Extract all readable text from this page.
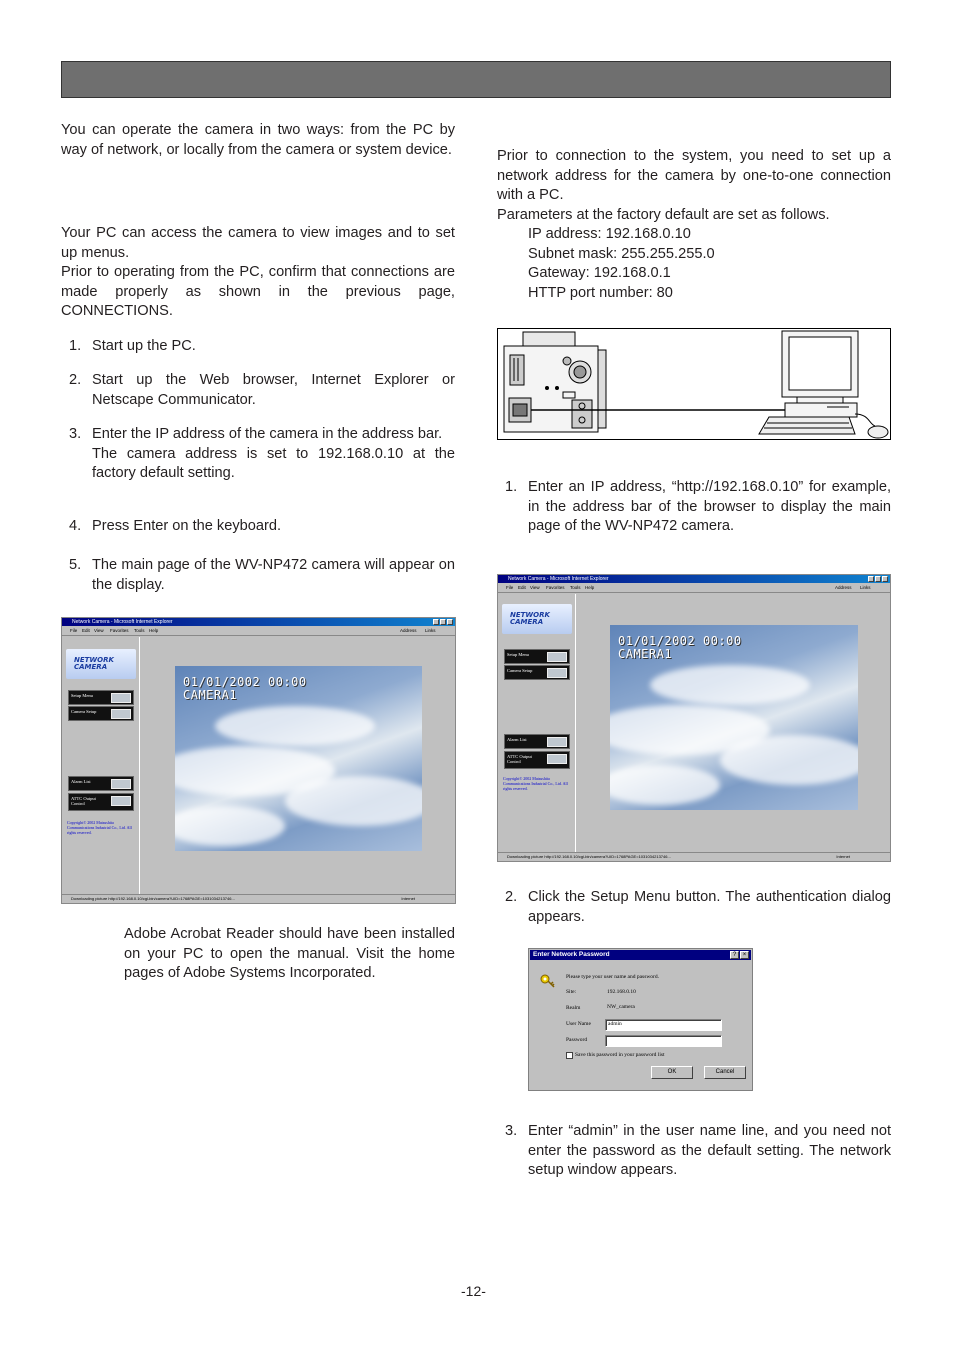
You can operate the camera in two ways: from the PC by way of network, or locally from the camera or system device.
Your PC can access the camera to view images and to set up menus.
Prior to operating from the PC, confirm that connections are made properly as shown in the previous page, CONNECTIONS.
1. Start up the PC.
2. Start up the Web browser, Internet Explorer or Netscape Communicator.
3. Enter the IP address of the camera in the address bar.
The camera address is set to 192.168.0.10 at the factory default setting.
4. Press Enter on the keyboard.
5. The main page of the WV-NP472 camera will appear on the display.
Network Camera - Microsoft Internet Explorer
File Edit View Favorites Tools Help	Address Links
NETWORK
CAMERA
Setup Menu
Camera Setup
Alarm List
ATTC Output Control
Copyright© 2002 Matsushita Communications Industrial Co., Ltd. All rights reserved.
01/01/2002 00:00
CAMERA1
Downloading picture http://192.168.0.10/cgi-bin/camera?UID=1768PAGE=1031034213746...	Internet
Adobe Acrobat Reader should have been installed on your PC to open the manual. Visit the home pages of Adobe Systems Incorporated.
Prior to connection to the system, you need to set up a network address for the camera by one-to-one connection with a PC.
Parameters at the factory default are set as follows.
IP address: 192.168.0.10
Subnet mask: 255.255.255.0
Gateway: 192.168.0.1
HTTP port number: 80
1. Enter an IP address, “http://192.168.0.10” for example, in the address bar of the browser to display the main page of the WV-NP472 camera.
Network Camera - Microsoft Internet Explorer
File Edit View Favorites Tools Help	Address Links
NETWORK
CAMERA
Setup Menu
Camera Setup
Alarm List
ATTC Output Control
Copyright© 2002 Matsushita Communications Industrial Co., Ltd. All rights reserved.
01/01/2002 00:00
CAMERA1
Downloading picture http://192.168.0.10/cgi-bin/camera?UID=1768PAGE=1031034213746...	Internet
2. Click the Setup Menu button. The authentication dialog appears.
Enter Network Password	?	×
Please type your user name and password.
Site:	192.168.0.10
Realm	NW_camera
User Name	admin
Password
Save this password in your password list
OK	Cancel
3. Enter “admin” in the user name line, and you need not enter the password as the default setting. The network setup window appears.
-12-
